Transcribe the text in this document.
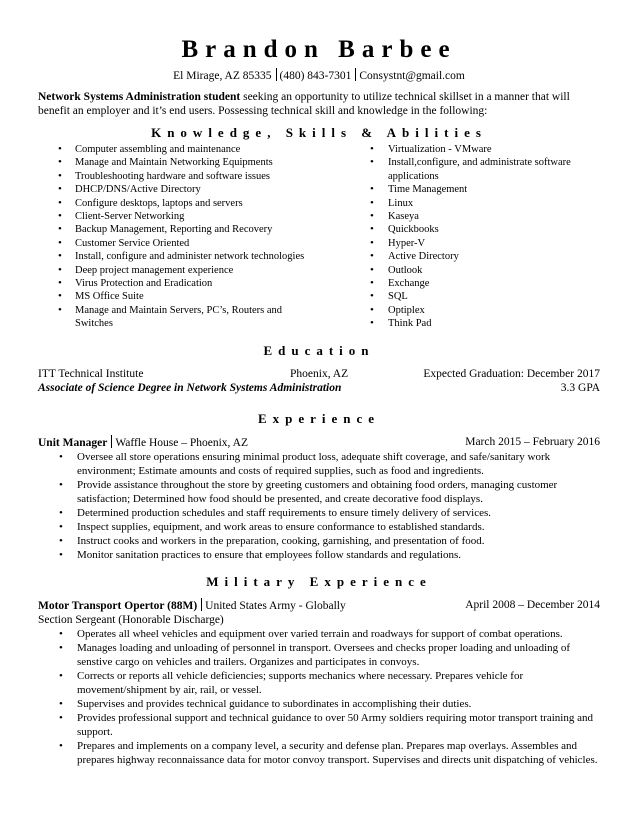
Brandon Barbee
El Mirage, AZ 85335 (480) 843-7301 Consystnt@gmail.com

Network Systems Administration student seeking an opportunity to utilize technical skillset in a manner that will benefit an employer and it’s end users. Possessing technical skill and knowledge in the following:

Knowledge, Skills & Abilities
• Computer assembling and maintenance
• Manage and Maintain Networking Equipments
• Troubleshooting hardware and software issues
• DHCP/DNS/Active Directory
• Configure desktops, laptops and servers
• Client-Server Networking
• Backup Management, Reporting and Recovery
• Customer Service Oriented
• Install, configure and administer network technologies
• Deep project management experience
• Virus Protection and Eradication
• MS Office Suite
• Manage and Maintain Servers, PC’s, Routers and Switches
• Virtualization - VMware
• Install,configure, and administrate software applications
• Time Management
• Linux
• Kaseya
• Quickbooks
• Hyper-V
• Active Directory
• Outlook
• Exchange
• SQL
• Optiplex
• Think Pad
Education
ITT Technical Institute	Phoenix, AZ	Expected Graduation: December 2017
Associate of Science Degree in Network Systems Administration	3.3 GPA
Experience
Unit Manager Waffle House – Phoenix, AZ	March 2015 – February 2016
• Oversee all store operations ensuring minimal product loss, adequate shift coverage, and safe/sanitary work environment; Estimate amounts and costs of required supplies, such as food and ingredients.
• Provide assistance throughout the store by greeting customers and obtaining food orders, managing customer satisfaction; Determined how food should be presented, and create decorative food displays.
• Determined production schedules and staff requirements to ensure timely delivery of services.
• Inspect supplies, equipment, and work areas to ensure conformance to established standards.
• Instruct cooks and workers in the preparation, cooking, garnishing, and presentation of food.
• Monitor sanitation practices to ensure that employees follow standards and regulations.
Military Experience
Motor Transport Opertor (88M) United States Army - Globally	April 2008 – December 2014
Section Sergeant (Honorable Discharge)
• Operates all wheel vehicles and equipment over varied terrain and roadways for support of combat operations.
• Manages loading and unloading of personnel in transport. Oversees and checks proper loading and unloading of senstive cargo on vehicles and trailers. Organizes and participates in convoys.
• Corrects or reports all vehicle deficiencies; supports mechanics where necessary. Prepares vehicle for movement/shipment by air, rail, or vessel.
• Supervises and provides technical guidance to subordinates in accomplishing their duties.
• Provides professional support and technical guidance to over 50 Army soldiers requiring motor transport training and support.
• Prepares and implements on a company level, a security and defense plan. Prepares map overlays. Assembles and prepares highway reconnaissance data for motor convoy transport. Supervises and directs unit dispatching of vehicles.
